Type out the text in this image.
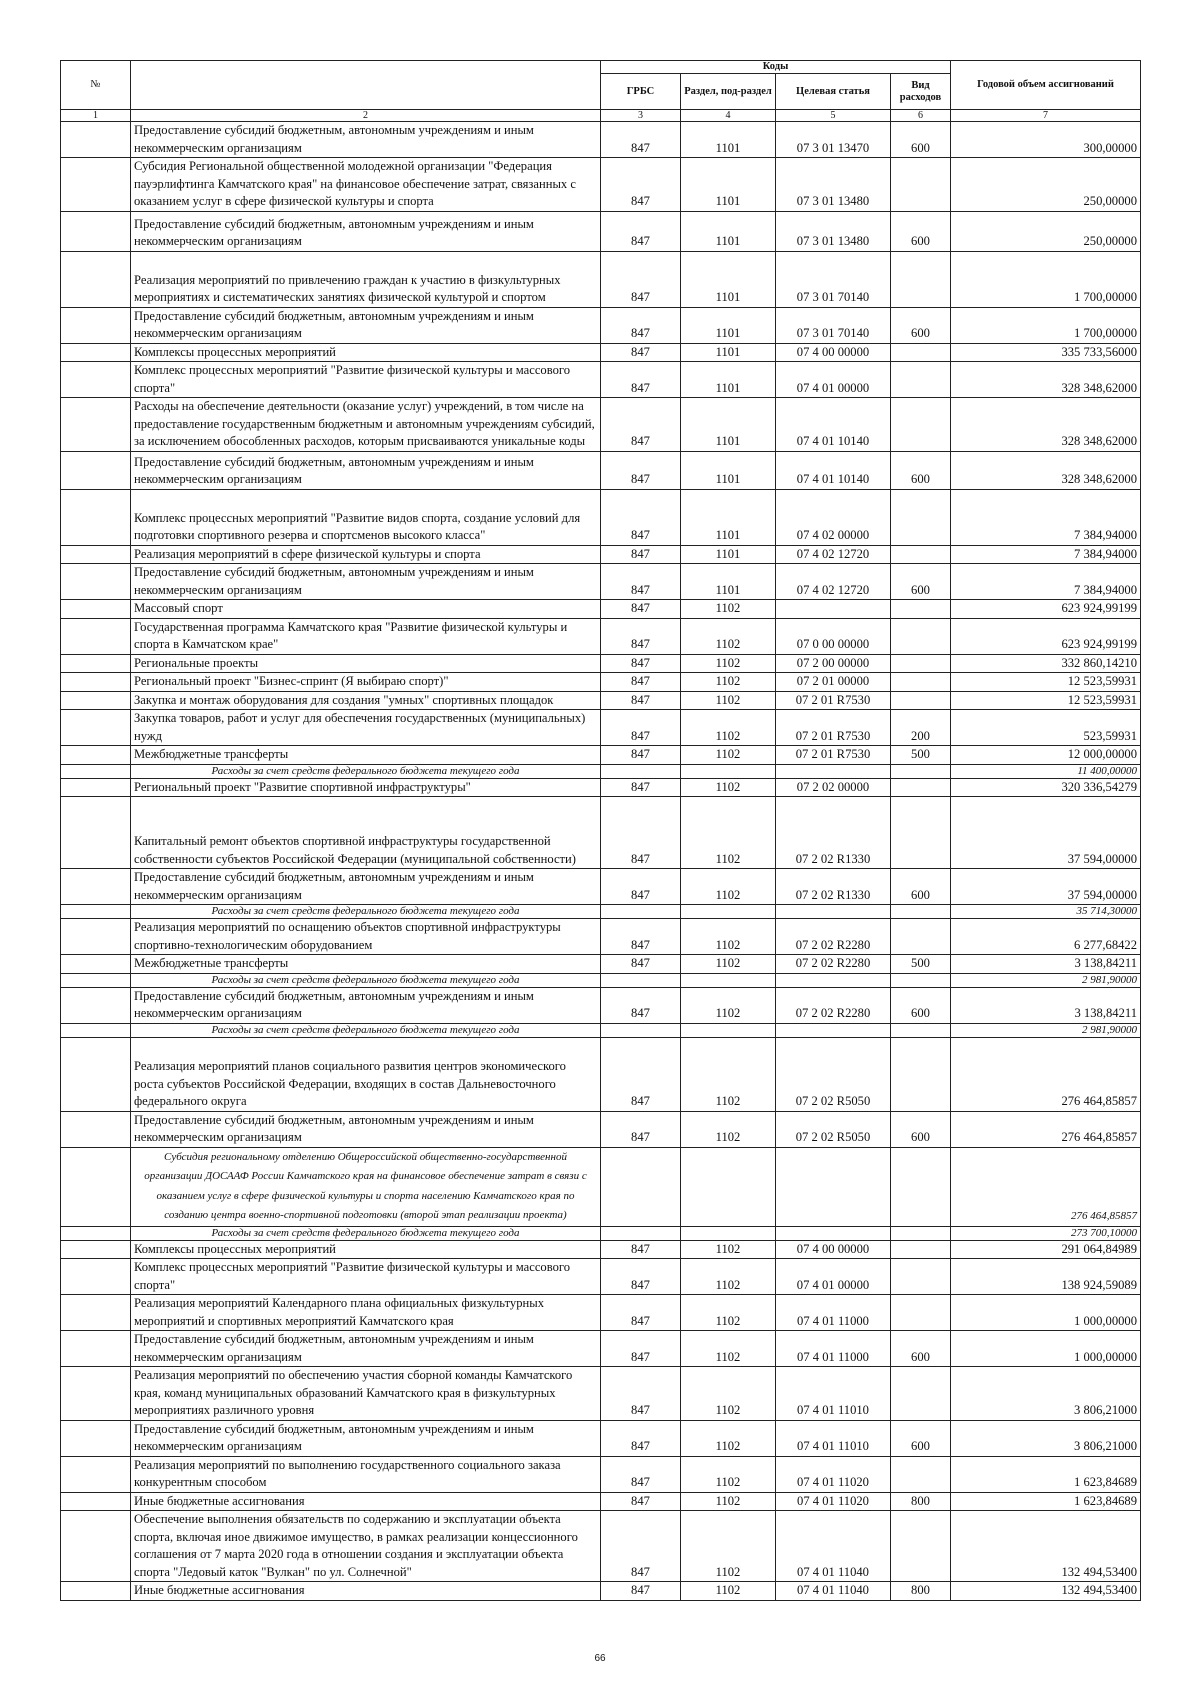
№		Коды				Годовой объем ассигнований
		ГРБС	Раздел, под-раздел	Целевая статья	Вид расходов	
1	2	3	4	5	6	7
	Предоставление субсидий бюджетным, автономным учреждениям и иным некоммерческим организациям	847	1101	07 3 01 13470	600	300,00000
	Субсидия Региональной общественной молодежной организации "Федерация пауэрлифтинга Камчатского края" на финансовое обеспечение затрат, связанных с оказанием услуг в сфере физической культуры и спорта	847	1101	07 3 01 13480		250,00000
	Предоставление субсидий бюджетным, автономным учреждениям и иным некоммерческим организациям	847	1101	07 3 01 13480	600	250,00000
	Реализация мероприятий по привлечению граждан к участию в физкультурных мероприятиях и систематических занятиях физической культурой и спортом	847	1101	07 3 01 70140		1 700,00000
	Предоставление субсидий бюджетным, автономным учреждениям и иным некоммерческим организациям	847	1101	07 3 01 70140	600	1 700,00000
	Комплексы процессных мероприятий	847	1101	07 4 00 00000		335 733,56000
	Комплекс процессных мероприятий "Развитие физической культуры и массового спорта"	847	1101	07 4 01 00000		328 348,62000
	Расходы на обеспечение деятельности (оказание услуг) учреждений, в том числе на предоставление государственным бюджетным и автономным учреждениям субсидий, за исключением обособленных расходов, которым присваиваются уникальные коды	847	1101	07 4 01 10140		328 348,62000
	Предоставление субсидий бюджетным, автономным учреждениям и иным некоммерческим организациям	847	1101	07 4 01 10140	600	328 348,62000
	Комплекс процессных мероприятий "Развитие видов спорта, создание условий для подготовки спортивного резерва и спортсменов высокого класса"	847	1101	07 4 02 00000		7 384,94000
	Реализация мероприятий в сфере физической культуры и спорта	847	1101	07 4 02 12720		7 384,94000
	Предоставление субсидий бюджетным, автономным учреждениям и иным некоммерческим организациям	847	1101	07 4 02 12720	600	7 384,94000
	Массовый спорт	847	1102			623 924,99199
	Государственная программа Камчатского края "Развитие физической культуры и спорта в Камчатском крае"	847	1102	07 0 00 00000		623 924,99199
	Региональные проекты	847	1102	07 2 00 00000		332 860,14210
	Региональный проект "Бизнес-спринт (Я выбираю спорт)"	847	1102	07 2 01 00000		12 523,59931
	Закупка и монтаж оборудования для создания "умных" спортивных площадок	847	1102	07 2 01 R7530		12 523,59931
	Закупка товаров, работ и услуг для обеспечения государственных (муниципальных) нужд	847	1102	07 2 01 R7530	200	523,59931
	Межбюджетные трансферты	847	1102	07 2 01 R7530	500	12 000,00000
	Расходы за счет средств федерального бюджета текущего года					11 400,00000
	Региональный проект "Развитие спортивной инфраструктуры"	847	1102	07 2 02 00000		320 336,54279
	Капитальный ремонт объектов спортивной инфраструктуры государственной собственности субъектов Российской Федерации (муниципальной собственности)	847	1102	07 2 02 R1330		37 594,00000
	Предоставление субсидий бюджетным, автономным учреждениям и иным некоммерческим организациям	847	1102	07 2 02 R1330	600	37 594,00000
	Расходы за счет средств федерального бюджета текущего года					35 714,30000
	Реализация мероприятий по оснащению объектов спортивной инфраструктуры спортивно-технологическим оборудованием	847	1102	07 2 02 R2280		6 277,68422
	Межбюджетные трансферты	847	1102	07 2 02 R2280	500	3 138,84211
	Расходы за счет средств федерального бюджета текущего года					2 981,90000
	Предоставление субсидий бюджетным, автономным учреждениям и иным некоммерческим организациям	847	1102	07 2 02 R2280	600	3 138,84211
	Расходы за счет средств федерального бюджета текущего года					2 981,90000
	Реализация мероприятий планов социального развития центров экономического роста субъектов Российской Федерации, входящих в состав Дальневосточного федерального округа	847	1102	07 2 02 R5050		276 464,85857
	Предоставление субсидий бюджетным, автономным учреждениям и иным некоммерческим организациям	847	1102	07 2 02 R5050	600	276 464,85857
	Субсидия региональному отделению Общероссийской общественно-государственной организации ДОСААФ России Камчатского края на финансовое обеспечение затрат в связи с оказанием услуг в сфере физической культуры и спорта населению Камчатского края по созданию центра военно-спортивной подготовки (второй этап реализации проекта)					276 464,85857
	Расходы за счет средств федерального бюджета текущего года					273 700,10000
	Комплексы процессных мероприятий	847	1102	07 4 00 00000		291 064,84989
	Комплекс процессных мероприятий "Развитие физической культуры и массового спорта"	847	1102	07 4 01 00000		138 924,59089
	Реализация мероприятий Календарного плана официальных физкультурных мероприятий и спортивных мероприятий Камчатского края	847	1102	07 4 01 11000		1 000,00000
	Предоставление субсидий бюджетным, автономным учреждениям и иным некоммерческим организациям	847	1102	07 4 01 11000	600	1 000,00000
	Реализация мероприятий по обеспечению участия сборной команды Камчатского края, команд муниципальных образований Камчатского края в физкультурных мероприятиях различного уровня	847	1102	07 4 01 11010		3 806,21000
	Предоставление субсидий бюджетным, автономным учреждениям и иным некоммерческим организациям	847	1102	07 4 01 11010	600	3 806,21000
	Реализация мероприятий по выполнению государственного социального заказа конкурентным способом	847	1102	07 4 01 11020		1 623,84689
	Иные бюджетные ассигнования	847	1102	07 4 01 11020	800	1 623,84689
	Обеспечение выполнения обязательств по содержанию и эксплуатации объекта спорта, включая иное движимое имущество, в рамках реализации концессионного соглашения от 7 марта 2020 года в отношении создания и эксплуатации объекта спорта "Ледовый каток "Вулкан" по ул. Солнечной"	847	1102	07 4 01 11040		132 494,53400
	Иные бюджетные ассигнования	847	1102	07 4 01 11040	800	132 494,53400
66
